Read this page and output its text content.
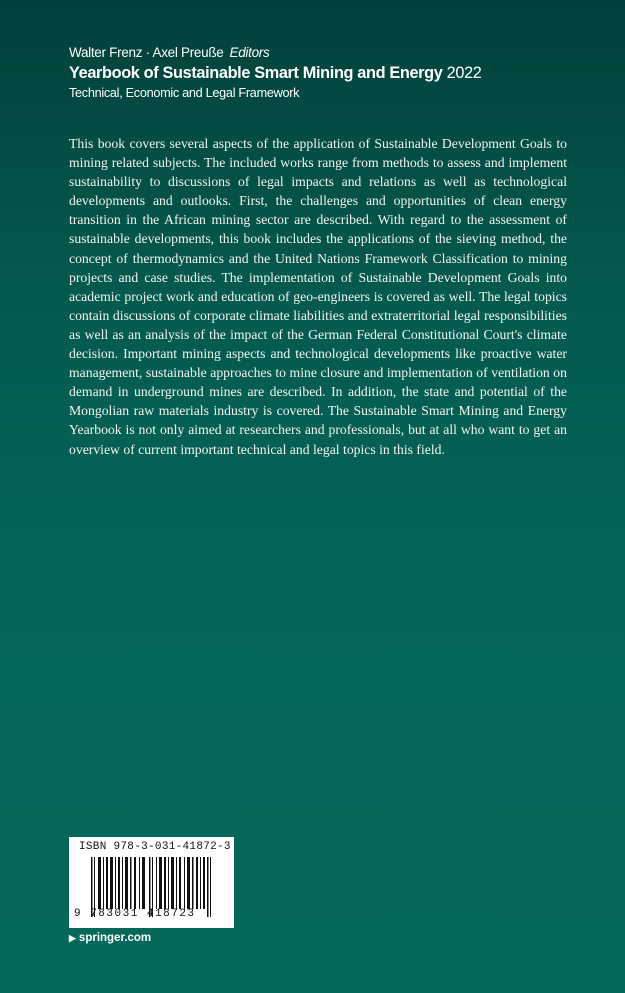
Walter Frenz · Axel Preuße Editors
Yearbook of Sustainable Smart Mining and Energy 2022
Technical, Economic and Legal Framework
This book covers several aspects of the application of Sustainable Development Goals to mining related subjects. The included works range from methods to assess and implement sustainability to discussions of legal impacts and relations as well as technological developments and outlooks. First, the challenges and opportunities of clean energy transition in the African mining sector are described. With regard to the assessment of sustainable developments, this book includes the applications of the sieving method, the concept of thermodynamics and the United Nations Framework Classification to mining projects and case studies. The implementation of Sustainable Development Goals into academic project work and education of geo-engineers is covered as well. The legal topics contain discussions of corporate climate liabilities and extraterritorial legal responsibilities as well as an analysis of the impact of the German Federal Constitutional Court's climate decision. Important mining aspects and technological developments like proactive water management, sustainable approaches to mine closure and implementation of ventilation on demand in underground mines are described. In addition, the state and potential of the Mongolian raw materials industry is covered. The Sustainable Smart Mining and Energy Yearbook is not only aimed at researchers and professionals, but at all who want to get an overview of current important technical and legal topics in this field.
ISBN 978-3-031-41872-3
9 783031 418723
▶ springer.com
